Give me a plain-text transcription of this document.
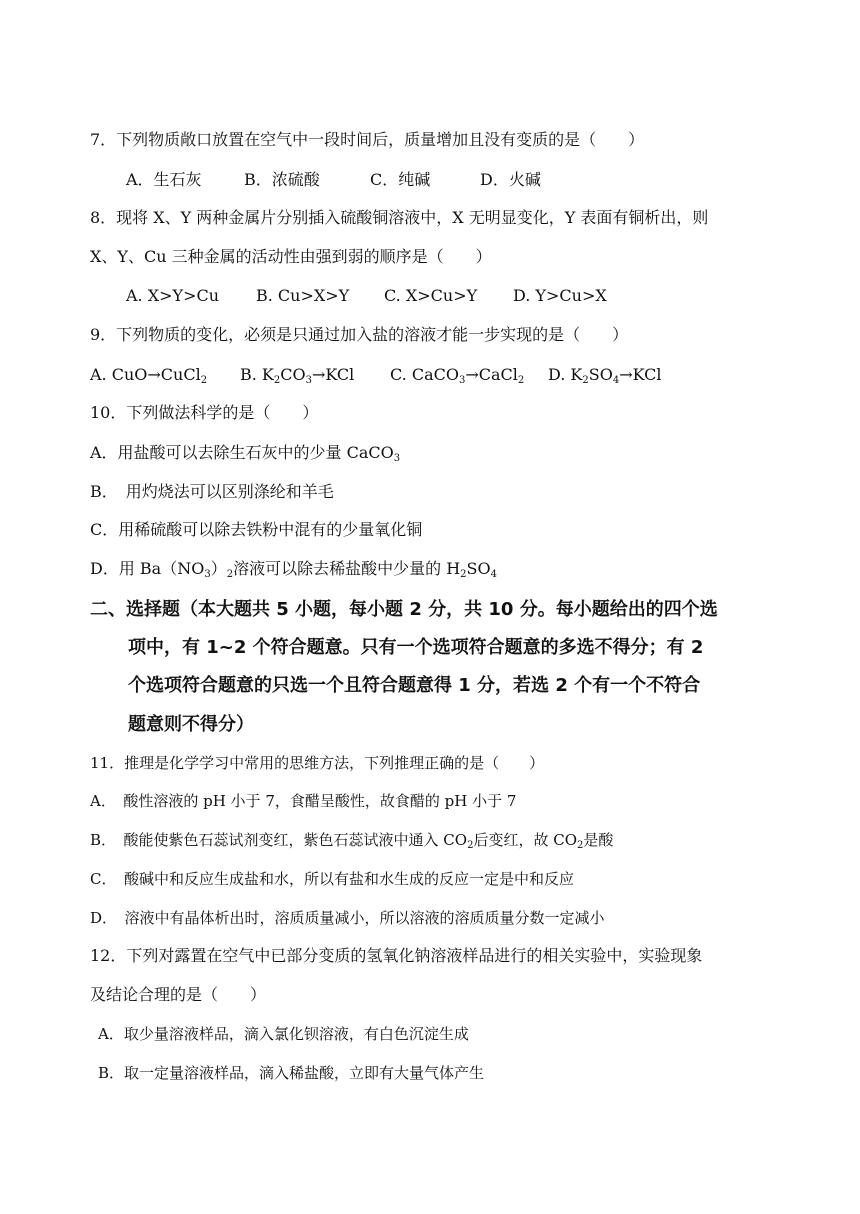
7．下列物质敞口放置在空气中一段时间后，质量增加且没有变质的是（　　）
A．生石灰	B．浓硫酸	C．纯碱	D．火碱
8．现将 X、Y 两种金属片分别插入硫酸铜溶液中，X 无明显变化，Y 表面有铜析出，则
X、Y、Cu 三种金属的活动性由强到弱的顺序是（　　）
A. X>Y>Cu B. Cu>X>Y C. X>Cu>Y D. Y>Cu>X
9．下列物质的变化，必须是只通过加入盐的溶液才能一步实现的是（　　）
A. CuO→CuCl$_2$ B. $K_2CO_3\to KCl$ C. CaCO$_3$→CaCl$_2$ D. $K_2SO_4\to KCl$
10．下列做法科学的是（　　）
A．用盐酸可以去除生石灰中的少量 CaCO$_3$
B．　用灼烧法可以区别涤纶和羊毛
C．用稀硫酸可以除去铁粉中混有的少量氧化铜
D．用 $Ba(NO_3)_2$溶液可以除去稀盐酸中少量的 $H_2SO_4$
二、选择题（本大题共 5 小题，每小题 2 分，共 10 分。每小题给出的四个选
项中，有 1~2 个符合题意。只有一个选项符合题意的多选不得分；有 2
个选项符合题意的只选一个且符合题意得 1 分，若选 2 个有一个不符合
题意则不得分）
11．推理是化学学习中常用的思维方法，下列推理正确的是（　　）
A．　酸性溶液的 pH 小于 7，食醋呈酸性，故食醋的 pH 小于 7
B．　酸能使紫色石蕊试剂变红，紫色石蕊试液中通入 $CO_2$后变红，故 $CO_2$是酸
C．　酸碱中和反应生成盐和水，所以有盐和水生成的反应一定是中和反应
D．　溶液中有晶体析出时，溶质质量减小，所以溶液的溶质质量分数一定减小
12．下列对露置在空气中已部分变质的氢氧化钠溶液样品进行的相关实验中，实验现象
及结论合理的是（　　）
A．取少量溶液样品，滴入氯化钡溶液，有白色沉淀生成
B．取一定量溶液样品，滴入稀盐酸，立即有大量气体产生
